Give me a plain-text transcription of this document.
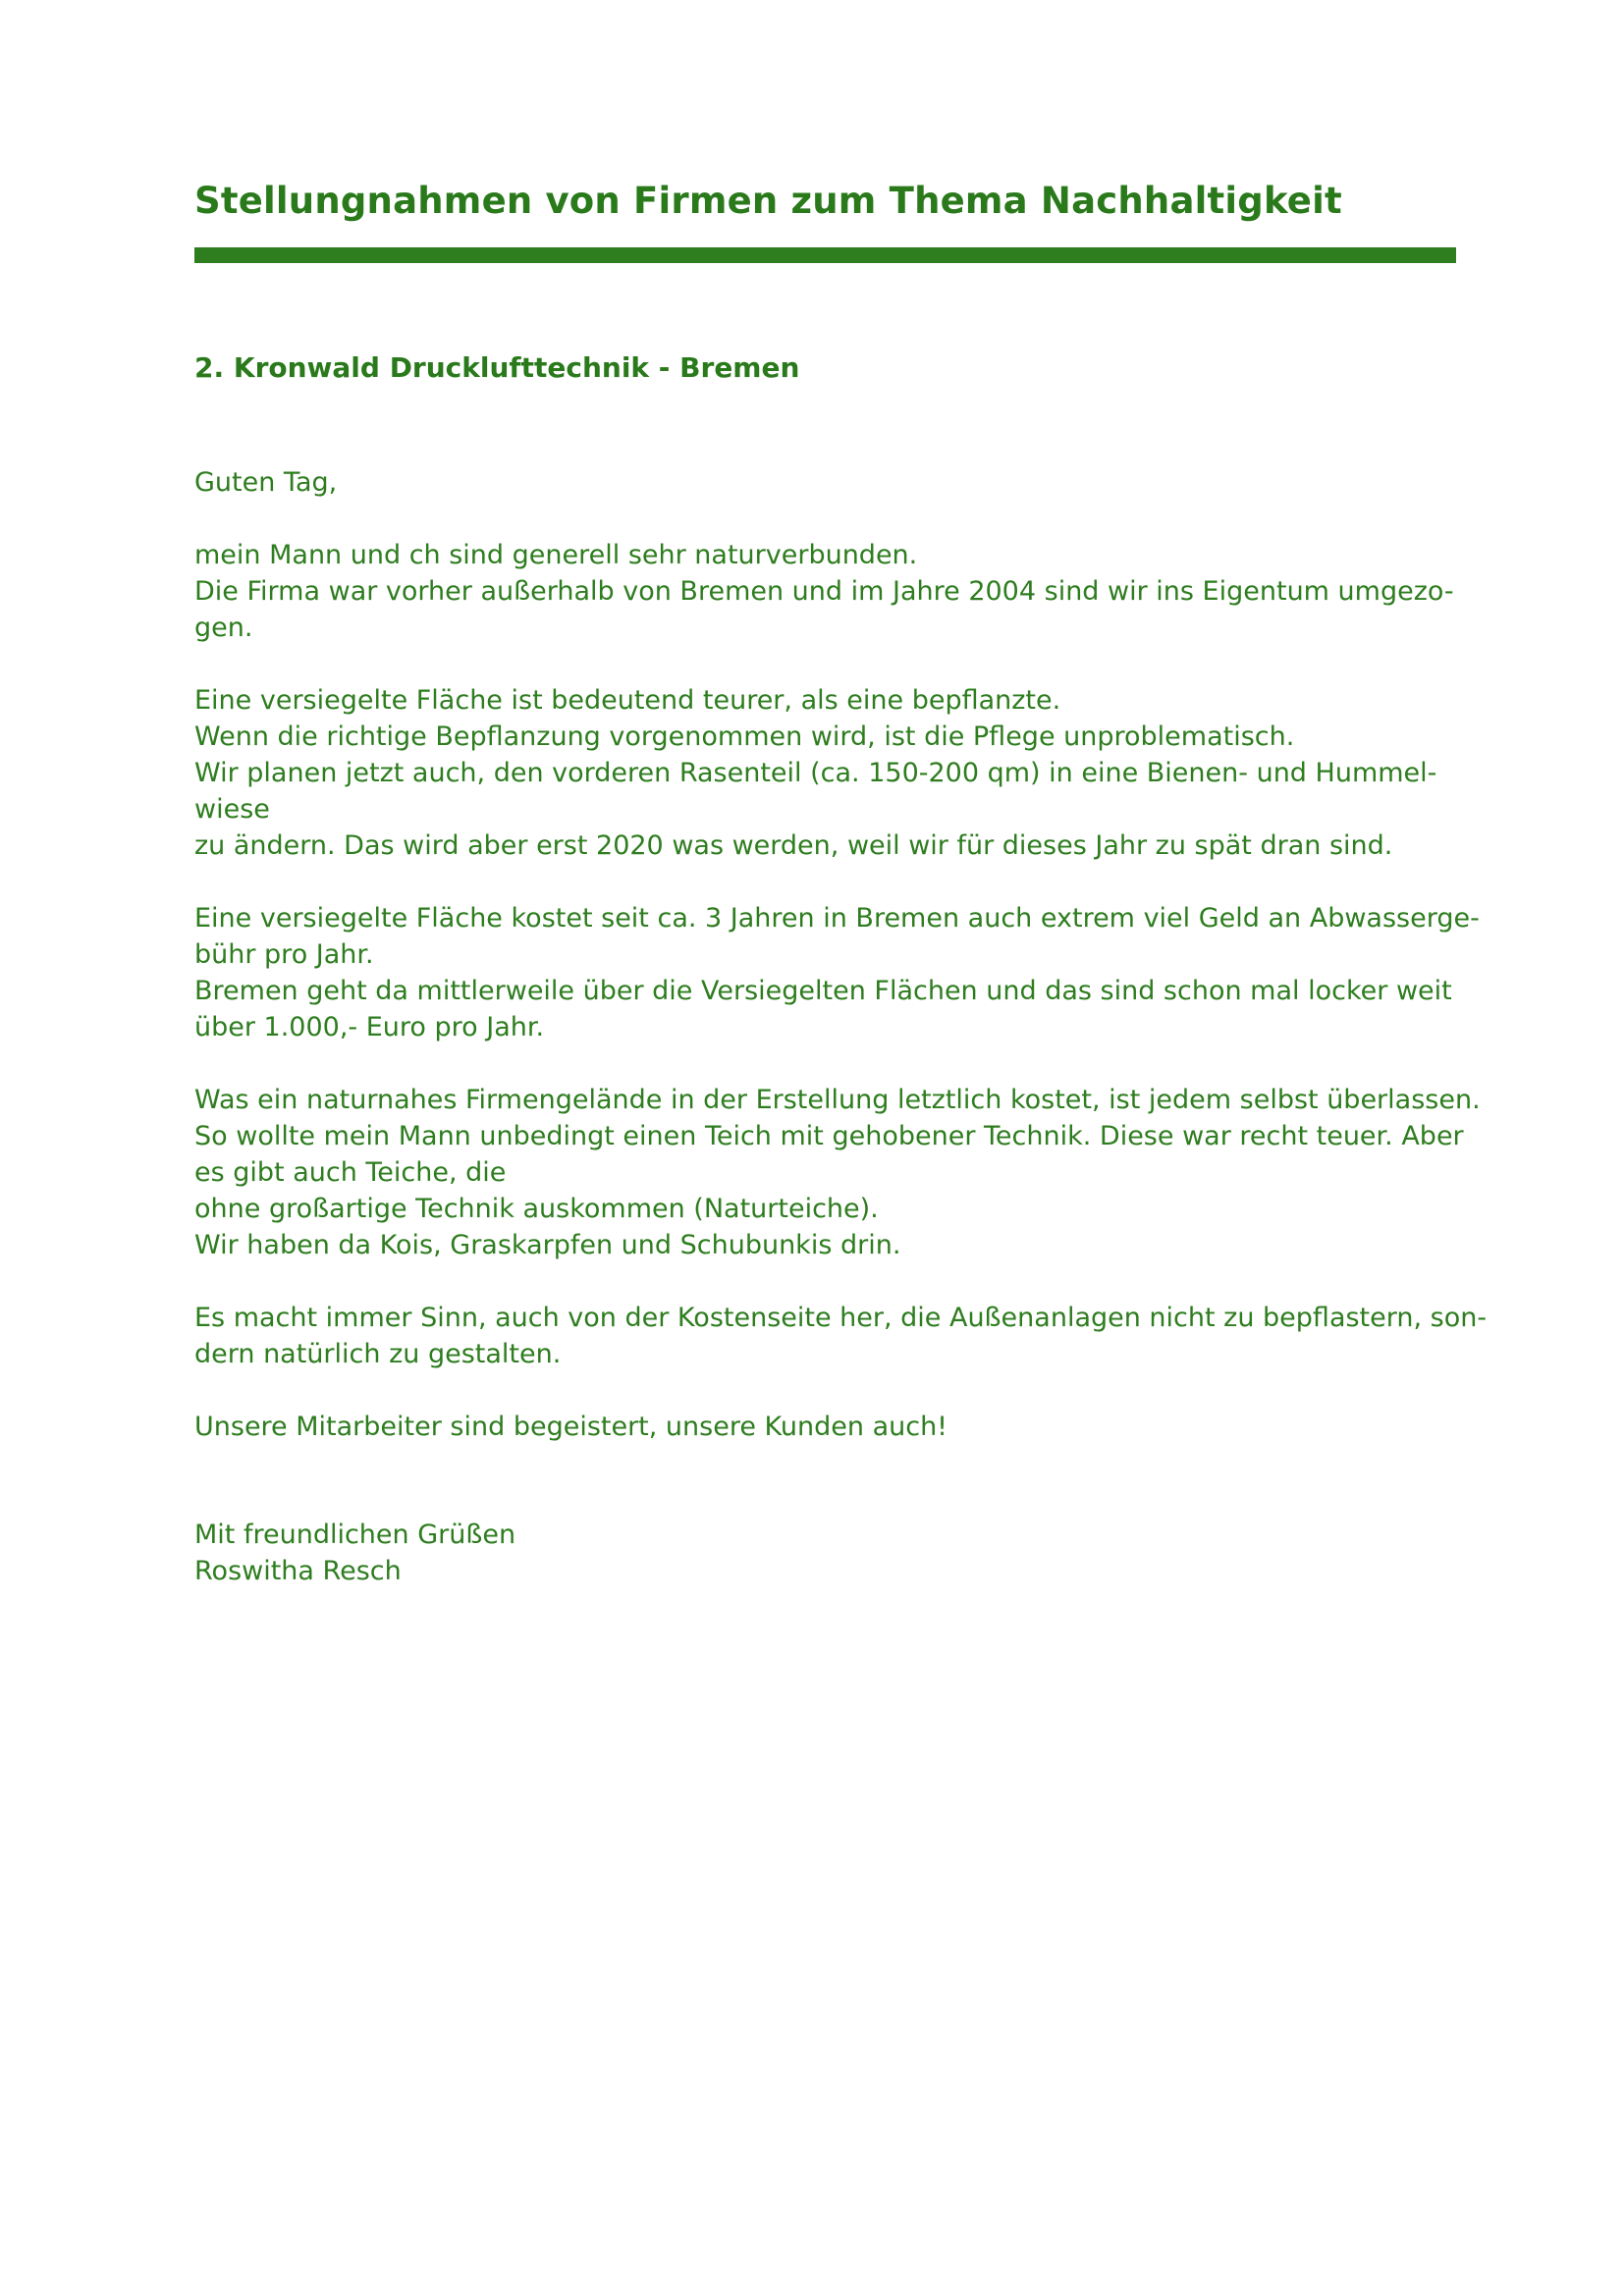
Stellungnahmen von Firmen zum Thema Nachhaltigkeit
2. Kronwald Drucklufttechnik - Bremen

Guten Tag,

mein Mann und ch sind generell sehr naturverbunden.
Die Firma war vorher außerhalb von Bremen und im Jahre 2004 sind wir ins Eigentum umgezo-
gen.

Eine versiegelte Fläche ist bedeutend teurer, als eine bepflanzte.
Wenn die richtige Bepflanzung vorgenommen wird, ist die Pflege unproblematisch.
Wir planen jetzt auch, den vorderen Rasenteil (ca. 150-200 qm) in eine Bienen- und Hummel-
wiese
zu ändern. Das wird aber erst 2020 was werden, weil wir für dieses Jahr zu spät dran sind.

Eine versiegelte Fläche kostet seit ca. 3 Jahren in Bremen auch extrem viel Geld an Abwasserge-
bühr pro Jahr.
Bremen geht da mittlerweile über die Versiegelten Flächen und das sind schon mal locker weit
über 1.000,- Euro pro Jahr.

Was ein naturnahes Firmengelände in der Erstellung letztlich kostet, ist jedem selbst überlassen.
So wollte mein Mann unbedingt einen Teich mit gehobener Technik. Diese war recht teuer. Aber
es gibt auch Teiche, die
ohne großartige Technik auskommen (Naturteiche).
Wir haben da Kois, Graskarpfen und Schubunkis drin.

Es macht immer Sinn, auch von der Kostenseite her, die Außenanlagen nicht zu bepflastern, son-
dern natürlich zu gestalten.

Unsere Mitarbeiter sind begeistert, unsere Kunden auch!

Mit freundlichen Grüßen
Roswitha Resch
